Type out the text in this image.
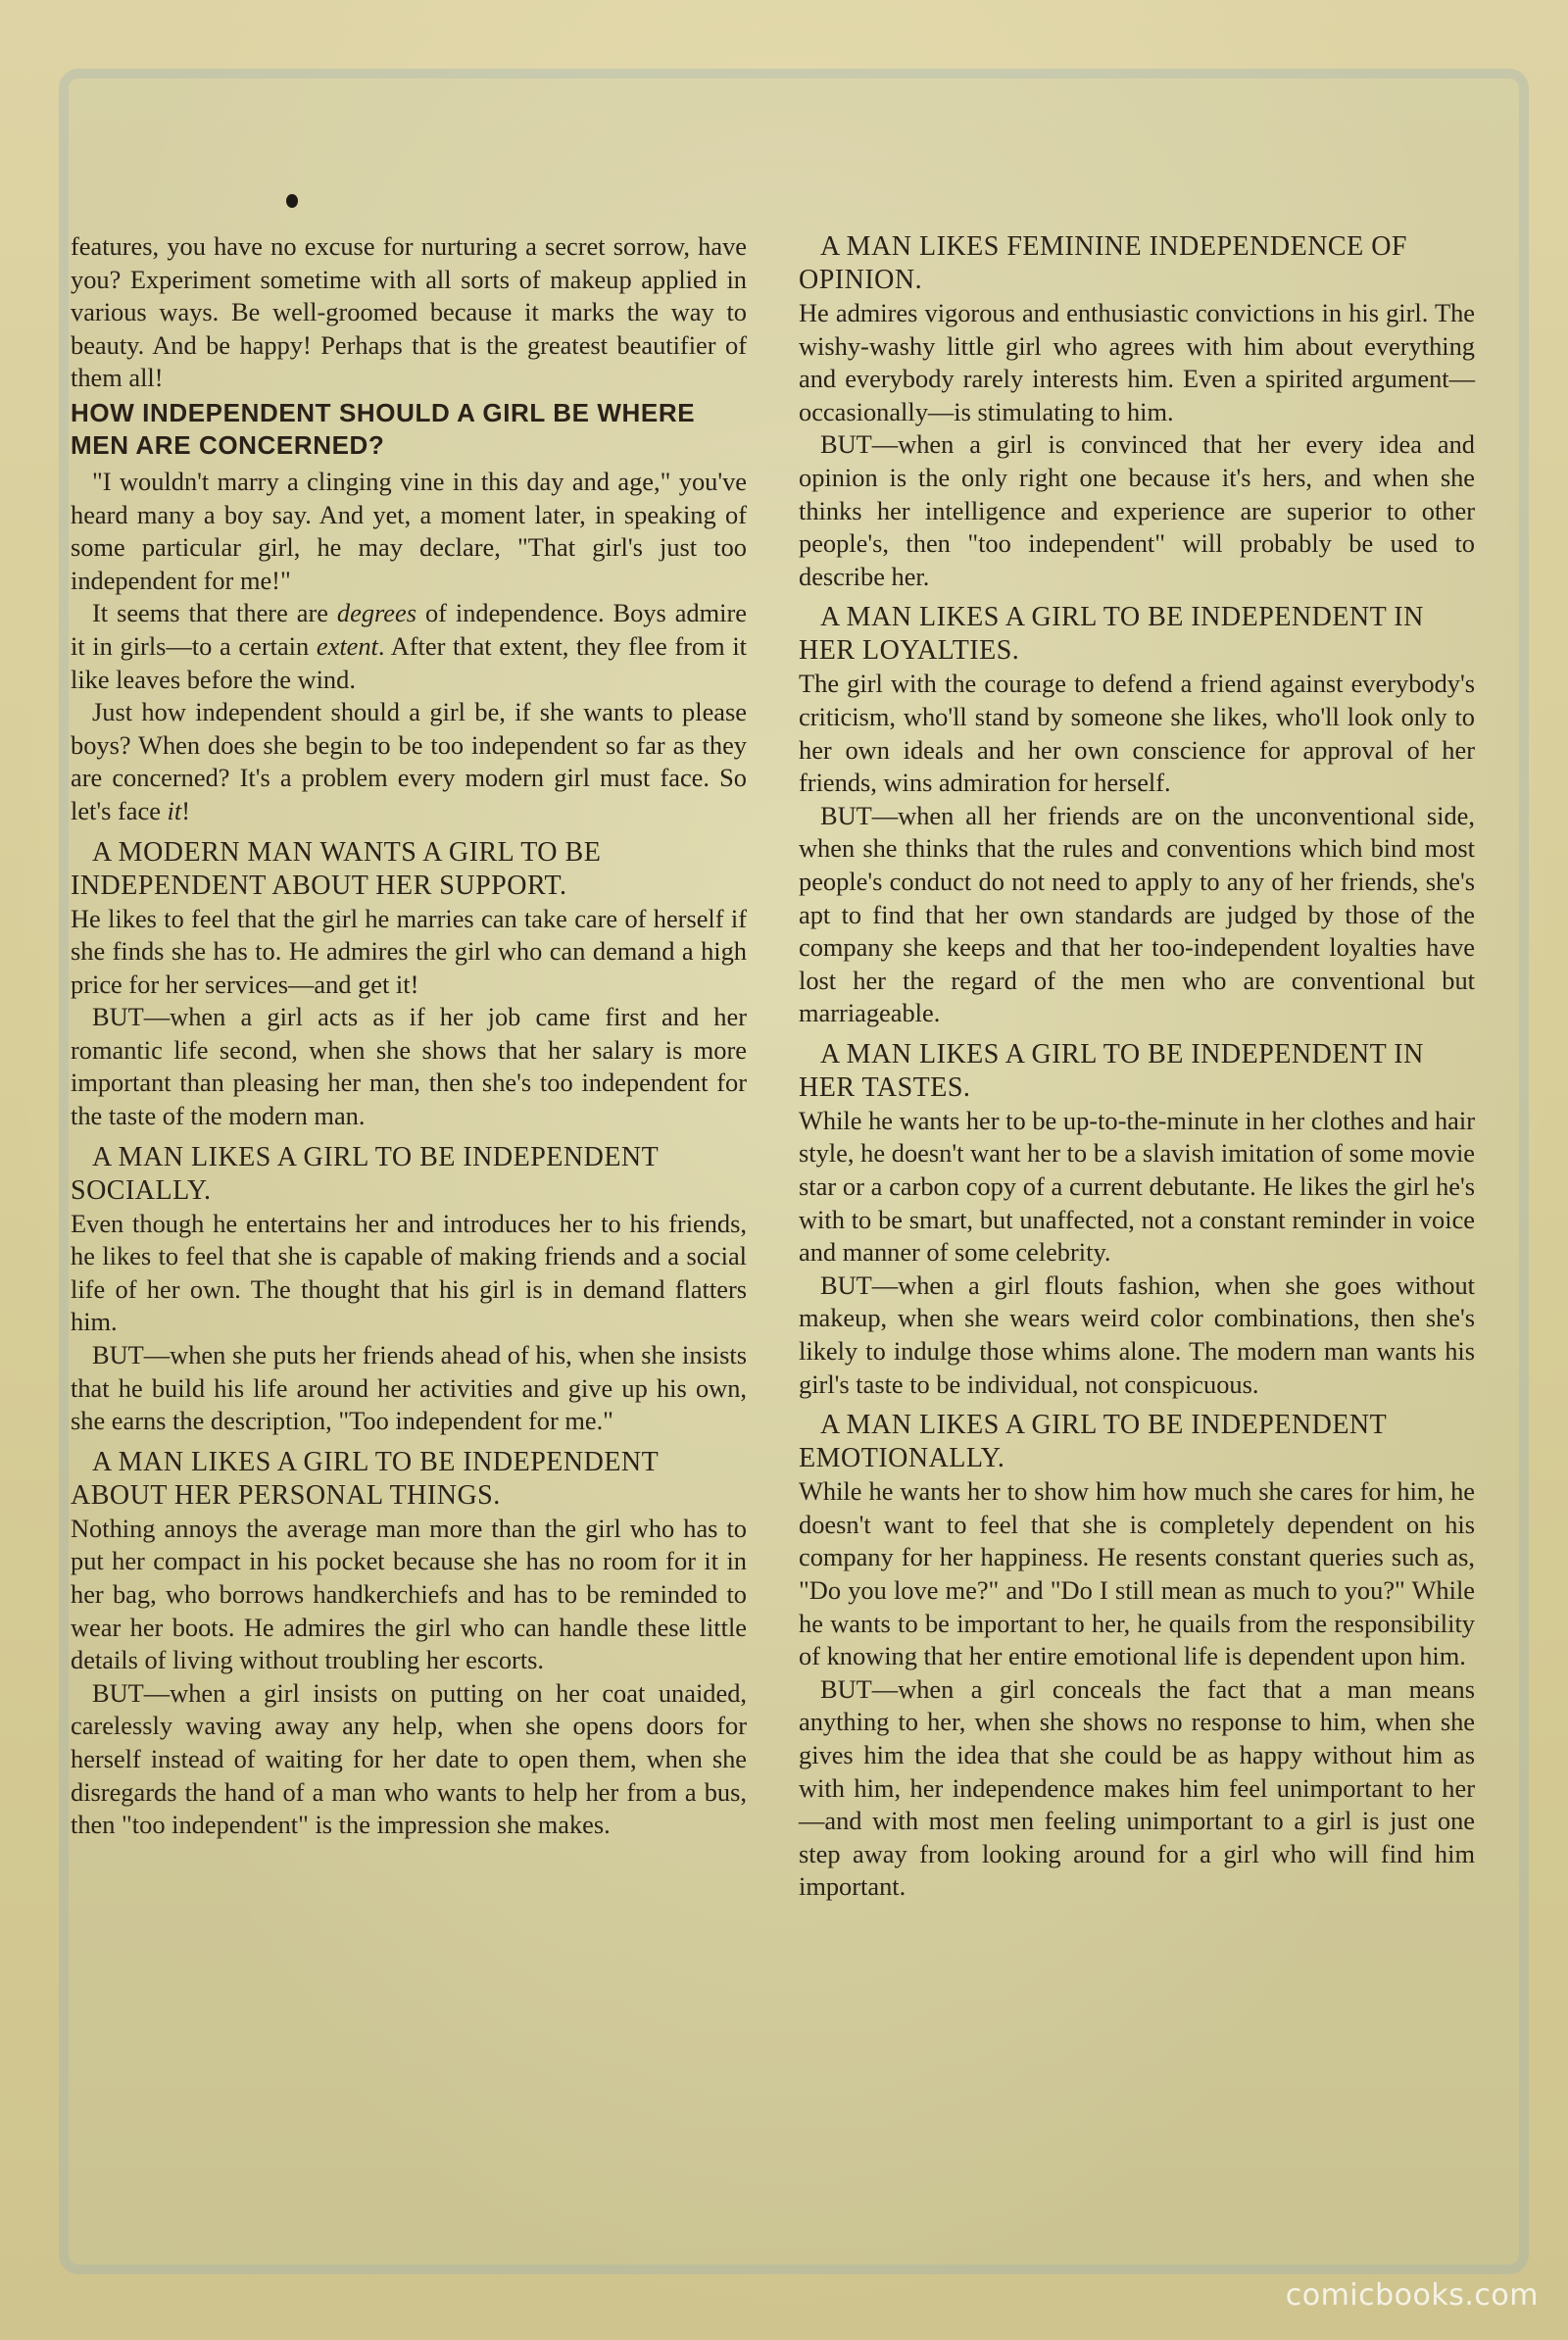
features, you have no excuse for nurturing a secret sorrow, have you? Experiment sometime with all sorts of makeup applied in various ways. Be well-groomed because it marks the way to beauty. And be happy! Perhaps that is the greatest beautifier of them all!

HOW INDEPENDENT SHOULD A GIRL BE WHERE MEN ARE CONCERNED?

"I wouldn't marry a clinging vine in this day and age," you've heard many a boy say. And yet, a moment later, in speaking of some particular girl, he may declare, "That girl's just too independent for me!"

It seems that there are degrees of independence. Boys admire it in girls—to a certain extent. After that extent, they flee from it like leaves before the wind.

Just how independent should a girl be, if she wants to please boys? When does she begin to be too independent so far as they are concerned? It's a problem every modern girl must face. So let's face it!

A MODERN MAN WANTS A GIRL TO BE INDEPENDENT ABOUT HER SUPPORT.

He likes to feel that the girl he marries can take care of herself if she finds she has to. He admires the girl who can demand a high price for her services—and get it!

BUT—when a girl acts as if her job came first and her romantic life second, when she shows that her salary is more important than pleasing her man, then she's too independent for the taste of the modern man.

A MAN LIKES A GIRL TO BE INDEPENDENT SOCIALLY.

Even though he entertains her and introduces her to his friends, he likes to feel that she is capable of making friends and a social life of her own. The thought that his girl is in demand flatters him.

BUT—when she puts her friends ahead of his, when she insists that he build his life around her activities and give up his own, she earns the description, "Too independent for me."

A MAN LIKES A GIRL TO BE INDEPENDENT ABOUT HER PERSONAL THINGS.

Nothing annoys the average man more than the girl who has to put her compact in his pocket because she has no room for it in her bag, who borrows handkerchiefs and has to be reminded to wear her boots. He admires the girl who can handle these little details of living without troubling her escorts.

BUT—when a girl insists on putting on her coat unaided, carelessly waving away any help, when she opens doors for herself instead of waiting for her date to open them, when she disregards the hand of a man who wants to help her from a bus, then "too independent" is the impression she makes.

A MAN LIKES FEMININE INDEPENDENCE OF OPINION.

He admires vigorous and enthusiastic convictions in his girl. The wishy-washy little girl who agrees with him about everything and everybody rarely interests him. Even a spirited argument—occasionally—is stimulating to him.

BUT—when a girl is convinced that her every idea and opinion is the only right one because it's hers, and when she thinks her intelligence and experience are superior to other people's, then "too independent" will probably be used to describe her.

A MAN LIKES A GIRL TO BE INDEPENDENT IN HER LOYALTIES.

The girl with the courage to defend a friend against everybody's criticism, who'll stand by someone she likes, who'll look only to her own ideals and her own conscience for approval of her friends, wins admiration for herself.

BUT—when all her friends are on the unconventional side, when she thinks that the rules and conventions which bind most people's conduct do not need to apply to any of her friends, she's apt to find that her own standards are judged by those of the company she keeps and that her too-independent loyalties have lost her the regard of the men who are conventional but marriageable.

A MAN LIKES A GIRL TO BE INDEPENDENT IN HER TASTES.

While he wants her to be up-to-the-minute in her clothes and hair style, he doesn't want her to be a slavish imitation of some movie star or a carbon copy of a current debutante. He likes the girl he's with to be smart, but unaffected, not a constant reminder in voice and manner of some celebrity.

BUT—when a girl flouts fashion, when she goes without makeup, when she wears weird color combinations, then she's likely to indulge those whims alone. The modern man wants his girl's taste to be individual, not conspicuous.

A MAN LIKES A GIRL TO BE INDEPENDENT EMOTIONALLY.

While he wants her to show him how much she cares for him, he doesn't want to feel that she is completely dependent on his company for her happiness. He resents constant queries such as, "Do you love me?" and "Do I still mean as much to you?" While he wants to be important to her, he quails from the responsibility of knowing that her entire emotional life is dependent upon him.

BUT—when a girl conceals the fact that a man means anything to her, when she shows no response to him, when she gives him the idea that she could be as happy without him as with him, her independence makes him feel unimportant to her—and with most men feeling unimportant to a girl is just one step away from looking around for a girl who will find him important.

comicbooks.com
